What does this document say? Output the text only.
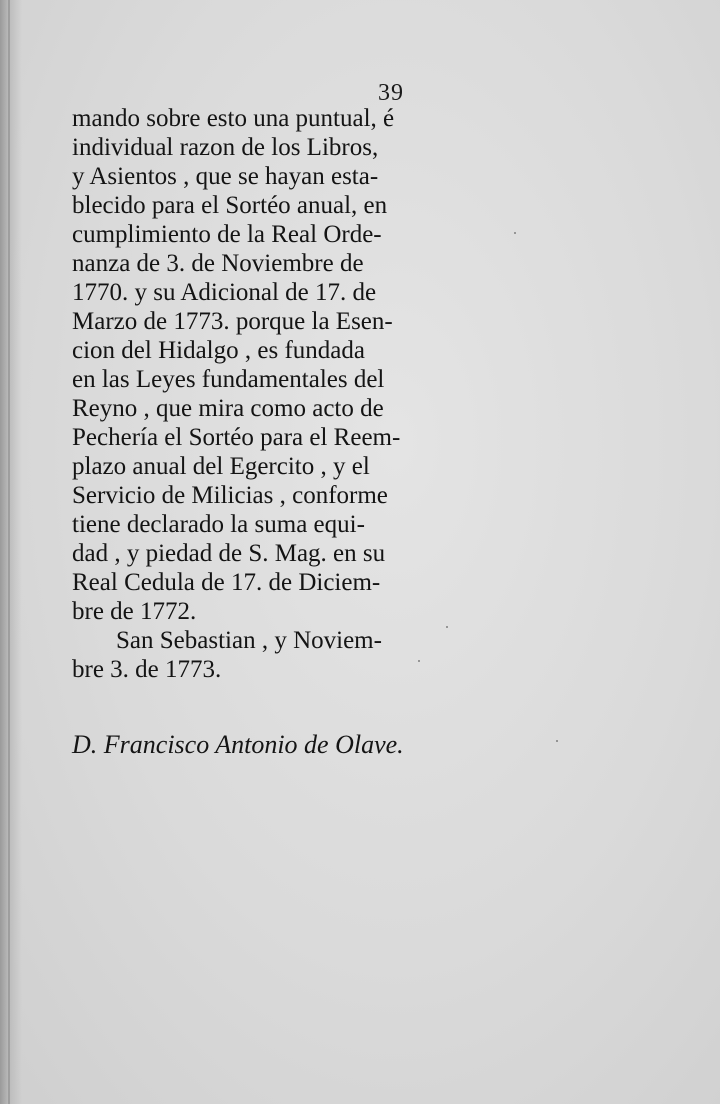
39
mando sobre esto una puntual, é
individual razon de los Libros,
y Asientos , que se hayan esta-
blecido para el Sortéo anual, en
cumplimiento de la Real Orde-
nanza de 3. de Noviembre de
1770. y su Adicional de 17. de
Marzo de 1773. porque la Esen-
cion del Hidalgo , es fundada
en las Leyes fundamentales del
Reyno , que mira como acto de
Pechería el Sortéo para el Reem-
plazo anual del Egercito , y el
Servicio de Milicias , conforme
tiene declarado la suma equi-
dad , y piedad de S. Mag. en su
Real Cedula de 17. de Diciem-
bre de 1772.
San Sebastian , y Noviem-
bre 3. de 1773.
D. Francisco Antonio de Olave.
